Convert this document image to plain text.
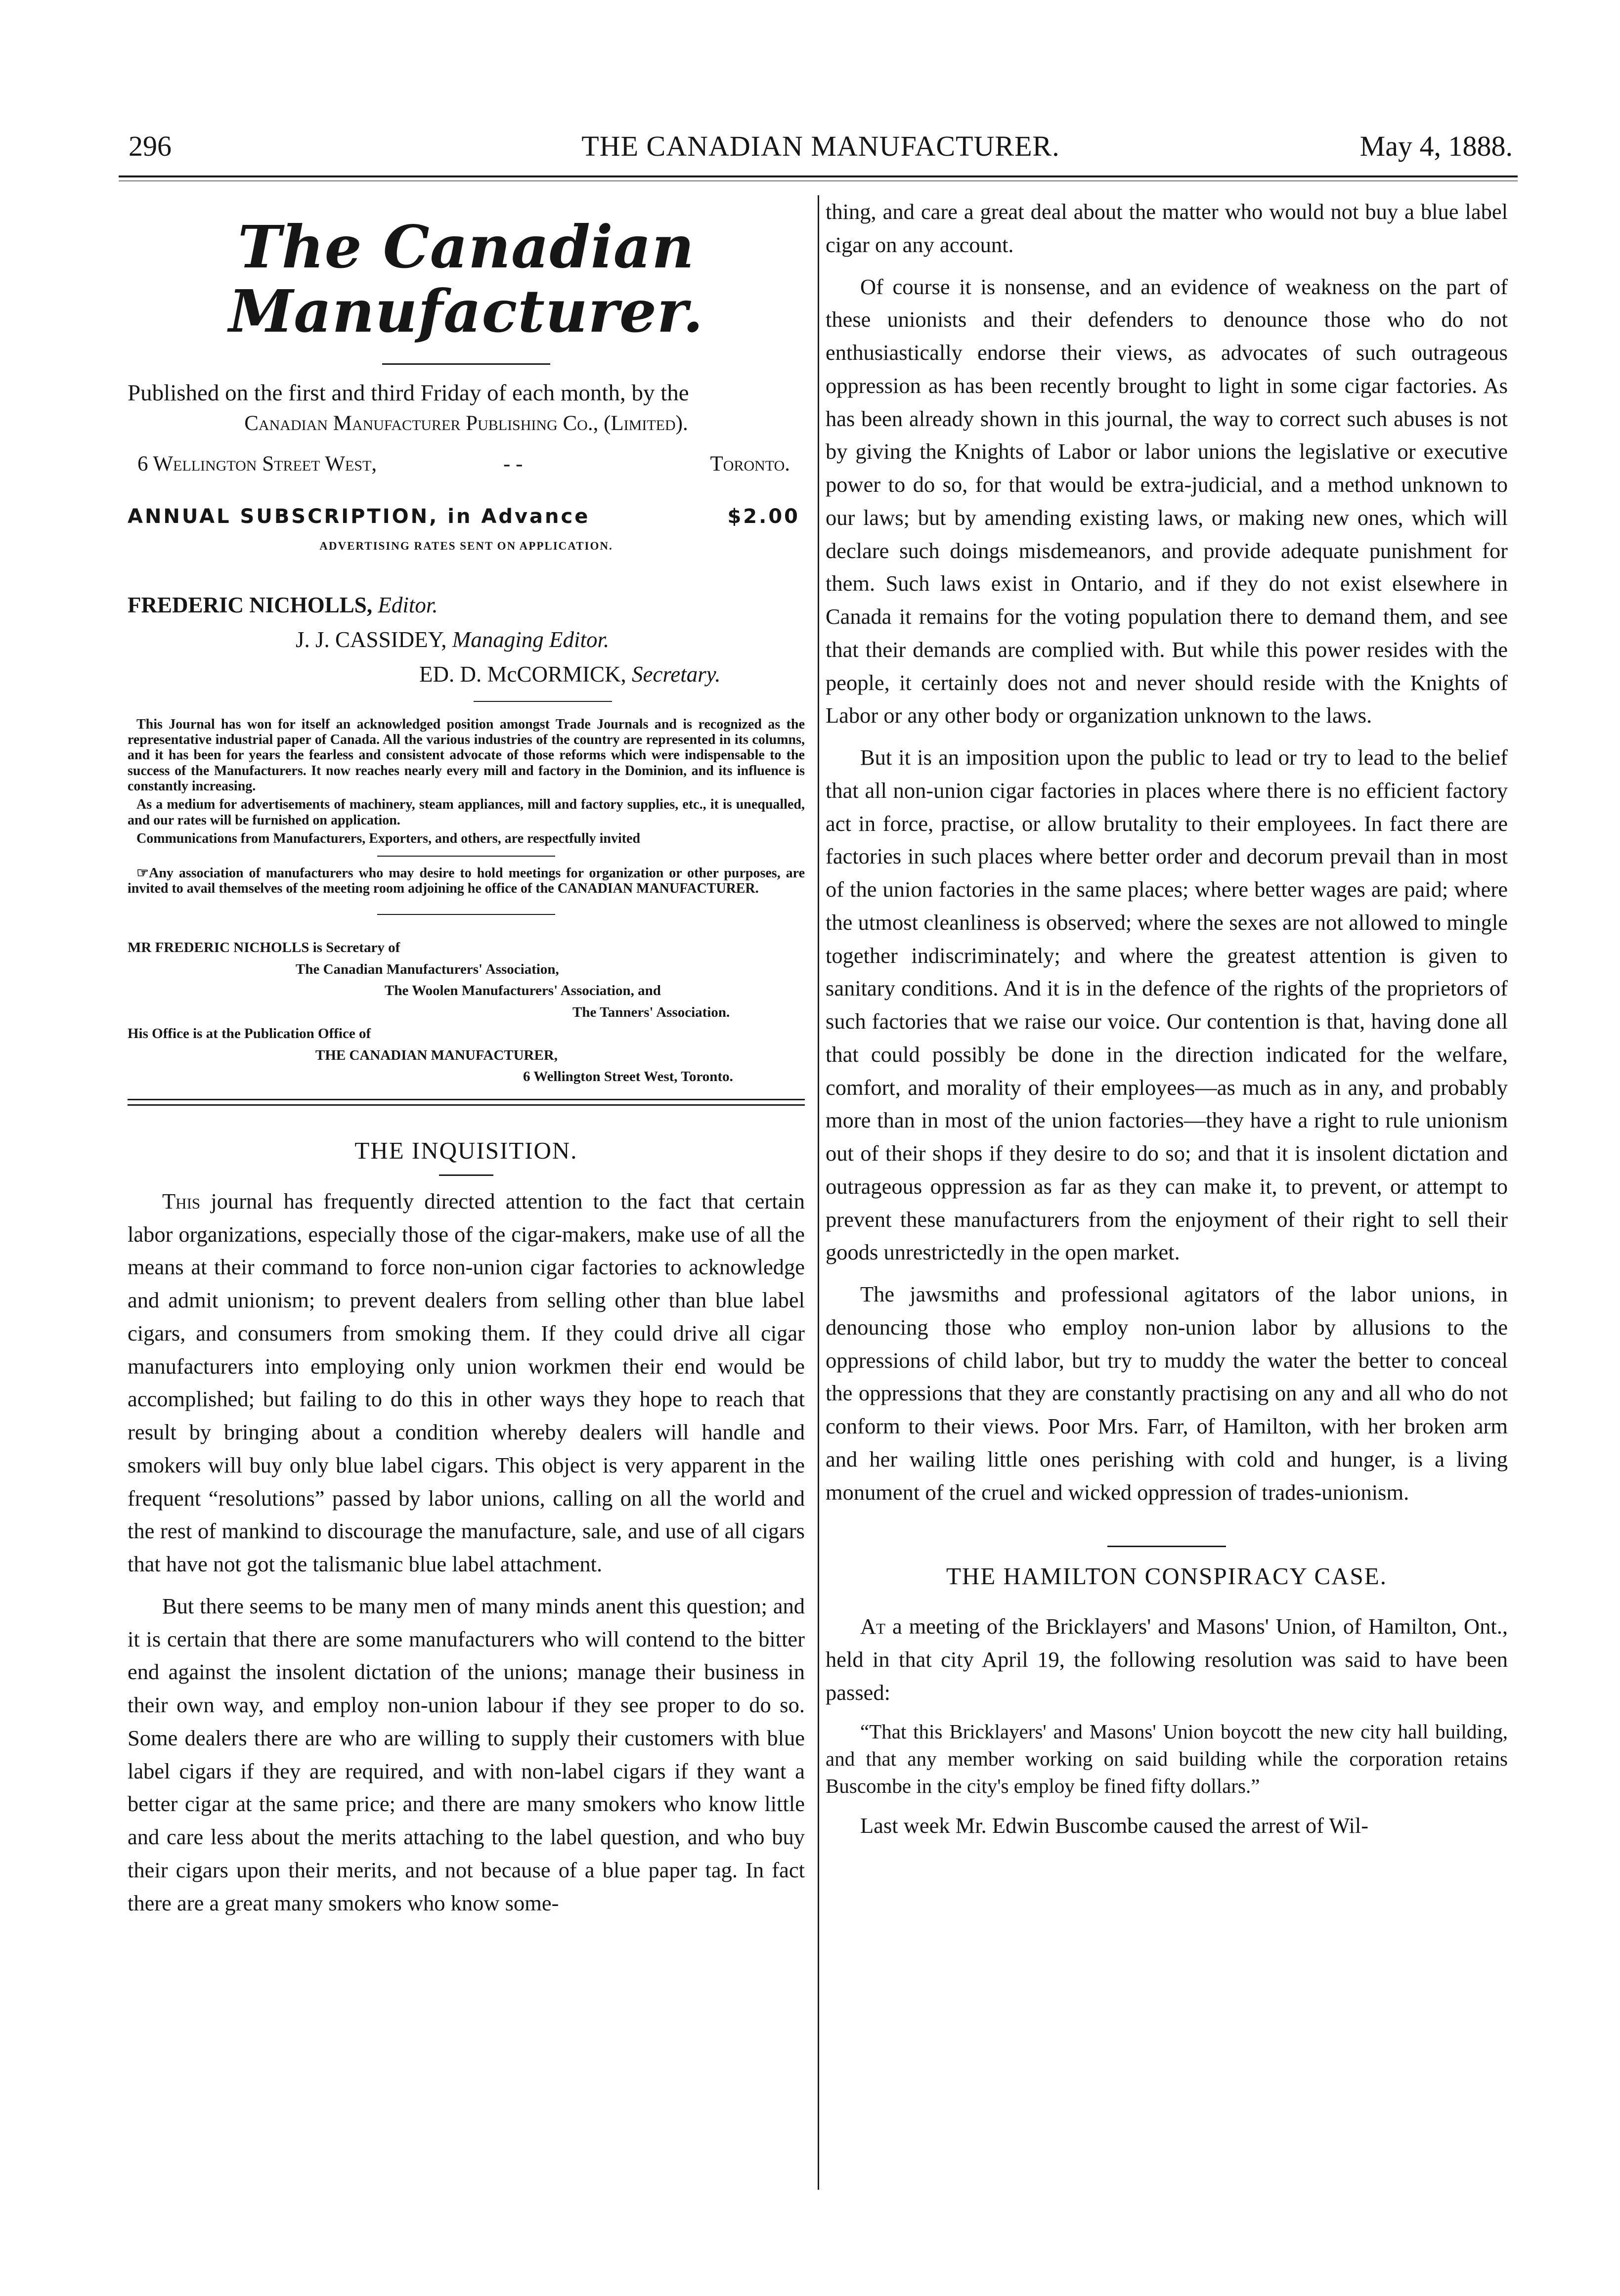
296	THE CANADIAN MANUFACTURER.	May 4, 1888.
The Canadian Manufacturer.

Published on the first and third Friday of each month, by the

Canadian Manufacturer Publishing Co., (Limited).

6 Wellington Street West,	- -	Toronto.
ANNUAL SUBSCRIPTION, in Advance	$2.00
ADVERTISING RATES SENT ON APPLICATION.
FREDERIC NICHOLLS, Editor.
J. J. CASSIDEY, Managing Editor.
ED. D. McCORMICK, Secretary.

This Journal has won for itself an acknowledged position amongst Trade Journals and is recognized as the representative industrial paper of Canada. All the various industries of the country are represented in its columns, and it has been for years the fearless and consistent advocate of those reforms which were indispensable to the success of the Manufacturers. It now reaches nearly every mill and factory in the Dominion, and its influence is constantly increasing.

As a medium for advertisements of machinery, steam appliances, mill and factory supplies, etc., it is unequalled, and our rates will be furnished on application.

Communications from Manufacturers, Exporters, and others, are respectfully invited

☞Any association of manufacturers who may desire to hold meetings for organization or other purposes, are invited to avail themselves of the meeting room adjoining he office of the CANADIAN MANUFACTURER.

MR FREDERIC NICHOLLS is Secretary of
The Canadian Manufacturers' Association,
The Woolen Manufacturers' Association, and
The Tanners' Association.
His Office is at the Publication Office of
THE CANADIAN MANUFACTURER,
6 Wellington Street West, Toronto.
THE INQUISITION.

This journal has frequently directed attention to the fact that certain labor organizations, especially those of the cigar-makers, make use of all the means at their command to force non-union cigar factories to acknowledge and admit unionism; to prevent dealers from selling other than blue label cigars, and consumers from smoking them. If they could drive all cigar manufacturers into employing only union workmen their end would be accomplished; but failing to do this in other ways they hope to reach that result by bringing about a condition whereby dealers will handle and smokers will buy only blue label cigars. This object is very apparent in the frequent “resolutions” passed by labor unions, calling on all the world and the rest of mankind to discourage the manufacture, sale, and use of all cigars that have not got the talismanic blue label attachment.

But there seems to be many men of many minds anent this question; and it is certain that there are some manufacturers who will contend to the bitter end against the insolent dictation of the unions; manage their business in their own way, and employ non-union labour if they see proper to do so. Some dealers there are who are willing to supply their customers with blue label cigars if they are required, and with non-label cigars if they want a better cigar at the same price; and there are many smokers who know little and care less about the merits attaching to the label question, and who buy their cigars upon their merits, and not because of a blue paper tag. In fact there are a great many smokers who know some-

thing, and care a great deal about the matter who would not buy a blue label cigar on any account.

Of course it is nonsense, and an evidence of weakness on the part of these unionists and their defenders to denounce those who do not enthusiastically endorse their views, as advocates of such outrageous oppression as has been recently brought to light in some cigar factories. As has been already shown in this journal, the way to correct such abuses is not by giving the Knights of Labor or labor unions the legislative or executive power to do so, for that would be extra-judicial, and a method unknown to our laws; but by amending existing laws, or making new ones, which will declare such doings misdemeanors, and provide adequate punishment for them. Such laws exist in Ontario, and if they do not exist elsewhere in Canada it remains for the voting population there to demand them, and see that their demands are complied with. But while this power resides with the people, it certainly does not and never should reside with the Knights of Labor or any other body or organization unknown to the laws.

But it is an imposition upon the public to lead or try to lead to the belief that all non-union cigar factories in places where there is no efficient factory act in force, practise, or allow brutality to their employees. In fact there are factories in such places where better order and decorum prevail than in most of the union factories in the same places; where better wages are paid; where the utmost cleanliness is observed; where the sexes are not allowed to mingle together indiscriminately; and where the greatest attention is given to sanitary conditions. And it is in the defence of the rights of the proprietors of such factories that we raise our voice. Our contention is that, having done all that could possibly be done in the direction indicated for the welfare, comfort, and morality of their employees—as much as in any, and probably more than in most of the union factories—they have a right to rule unionism out of their shops if they desire to do so; and that it is insolent dictation and outrageous oppression as far as they can make it, to prevent, or attempt to prevent these manufacturers from the enjoyment of their right to sell their goods unrestrictedly in the open market.

The jawsmiths and professional agitators of the labor unions, in denouncing those who employ non-union labor by allusions to the oppressions of child labor, but try to muddy the water the better to conceal the oppressions that they are constantly practising on any and all who do not conform to their views. Poor Mrs. Farr, of Hamilton, with her broken arm and her wailing little ones perishing with cold and hunger, is a living monument of the cruel and wicked oppression of trades-unionism.

THE HAMILTON CONSPIRACY CASE.

At a meeting of the Bricklayers' and Masons' Union, of Hamilton, Ont., held in that city April 19, the following resolution was said to have been passed:

“That this Bricklayers' and Masons' Union boycott the new city hall building, and that any member working on said building while the corporation retains Buscombe in the city's employ be fined fifty dollars.”

Last week Mr. Edwin Buscombe caused the arrest of Wil-
